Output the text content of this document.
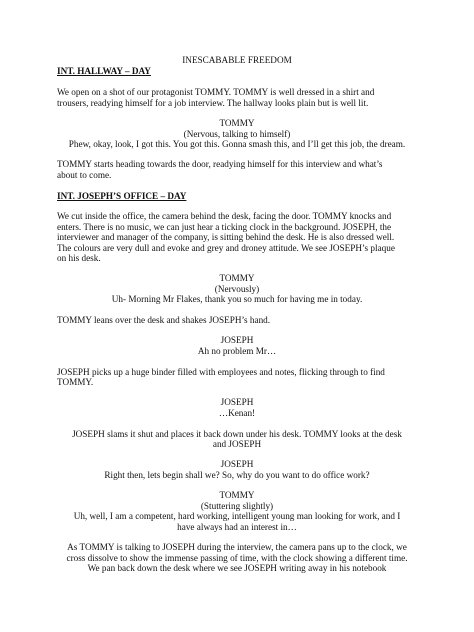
INESCABABLE FREEDOM
INT. HALLWAY – DAY
We open on a shot of our protagonist TOMMY. TOMMY is well dressed in a shirt and
trousers, readying himself for a job interview. The hallway looks plain but is well lit.
TOMMY
(Nervous, talking to himself)
Phew, okay, look, I got this. You got this. Gonna smash this, and I’ll get this job, the dream.
TOMMY starts heading towards the door, readying himself for this interview and what’s
about to come.
INT. JOSEPH’S OFFICE – DAY
We cut inside the office, the camera behind the desk, facing the door. TOMMY knocks and
enters. There is no music, we can just hear a ticking clock in the background. JOSEPH, the
interviewer and manager of the company, is sitting behind the desk. He is also dressed well.
The colours are very dull and evoke and grey and droney attitude. We see JOSEPH’s plaque
on his desk.
TOMMY
(Nervously)
Uh- Morning Mr Flakes, thank you so much for having me in today.
TOMMY leans over the desk and shakes JOSEPH’s hand.
JOSEPH
Ah no problem Mr…
JOSEPH picks up a huge binder filled with employees and notes, flicking through to find
TOMMY.
JOSEPH
…Kenan!
JOSEPH slams it shut and places it back down under his desk. TOMMY looks at the desk
and JOSEPH
JOSEPH
Right then, lets begin shall we? So, why do you want to do office work?
TOMMY
(Stuttering slightly)
Uh, well, I am a competent, hard working, intelligent young man looking for work, and I
have always had an interest in…
As TOMMY is talking to JOSEPH during the interview, the camera pans up to the clock, we
cross dissolve to show the immense passing of time, with the clock showing a different time.
We pan back down the desk where we see JOSEPH writing away in his notebook
